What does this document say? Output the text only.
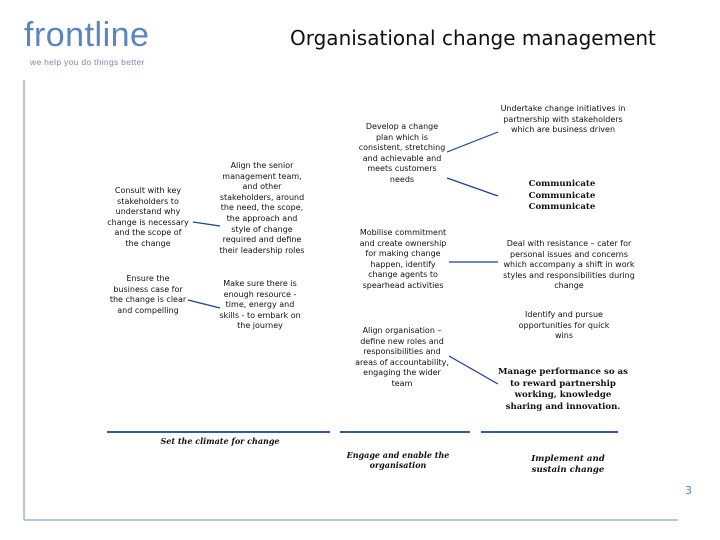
frontline
we help you do things better
Organisational change management
Consult with key stakeholders to understand why change is necessary and the scope of the change
Ensure the business case for the change is clear and compelling
Align the senior management team, and other stakeholders, around the need, the scope, the approach and style of change required and define their leadership roles
Make sure there is enough resource - time, energy and skills - to embark on the journey
Develop a change plan which is consistent, stretching and achievable and meets customers needs
Mobilise commitment and create ownership for making change happen, identify change agents to spearhead activities
Align organisation – define new roles and responsibilities and areas of accountability, engaging the wider team
Undertake change initiatives in partnership with stakeholders which are business driven
Communicate
Communicate
Communicate
Deal with resistance – cater for personal issues and concerns which accompany a shift in work styles and responsibilities during change
Identify and pursue opportunities for quick wins
Manage performance so as to reward partnership working, knowledge sharing and innovation.
Set the climate for change
Engage and enable the organisation
Implement and sustain change
3
